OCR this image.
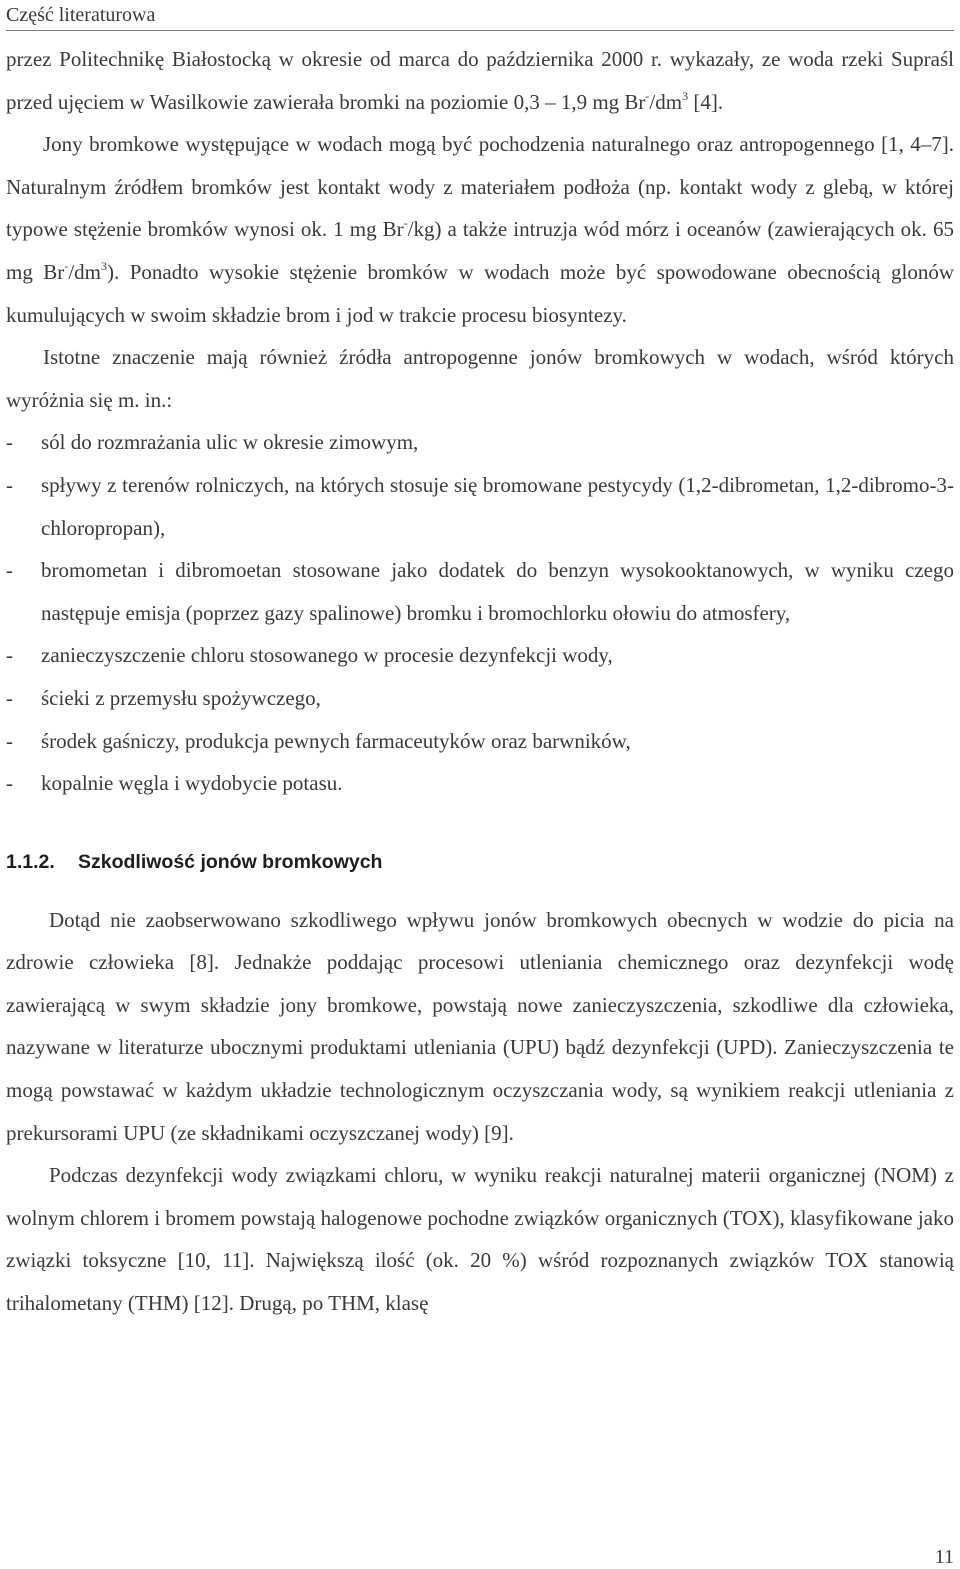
Część literaturowa

przez Politechnikę Białostocką w okresie od marca do października 2000 r. wykazały, ze woda rzeki Supraśl przed ujęciem w Wasilkowie zawierała bromki na poziomie 0,3 – 1,9 mg $Br^-/dm^3$ [4].

Jony bromkowe występujące w wodach mogą być pochodzenia naturalnego oraz antropogennego [1, 4–7]. Naturalnym źródłem bromków jest kontakt wody z materiałem podłoża (np. kontakt wody z glebą, w której typowe stężenie bromków wynosi ok. 1 mg Br-/kg) a także intruzja wód mórz i oceanów (zawierających ok. 65 mg $Br^-/dm^3$). Ponadto wysokie stężenie bromków w wodach może być spowodowane obecnością glonów kumulujących w swoim składzie brom i jod w trakcie procesu biosyntezy.

Istotne znaczenie mają również źródła antropogenne jonów bromkowych w wodach, wśród których wyróżnia się m. in.:

- sól do rozmrażania ulic w okresie zimowym,
- spływy z terenów rolniczych, na których stosuje się bromowane pestycydy (1,2-dibrometan, 1,2-dibromo-3-chloropropan),
- bromometan i dibromoetan stosowane jako dodatek do benzyn wysokooktanowych, w wyniku czego następuje emisja (poprzez gazy spalinowe) bromku i bromochlorku ołowiu do atmosfery,
- zanieczyszczenie chloru stosowanego w procesie dezynfekcji wody,
- ścieki z przemysłu spożywczego,
- środek gaśniczy, produkcja pewnych farmaceutyków oraz barwników,
- kopalnie węgla i wydobycie potasu.
1.1.2. Szkodliwość jonów bromkowych

Dotąd nie zaobserwowano szkodliwego wpływu jonów bromkowych obecnych w wodzie do picia na zdrowie człowieka [8]. Jednakże poddając procesowi utleniania chemicznego oraz dezynfekcji wodę zawierającą w swym składzie jony bromkowe, powstają nowe zanieczyszczenia, szkodliwe dla człowieka, nazywane w literaturze ubocznymi produktami utleniania (UPU) bądź dezynfekcji (UPD). Zanieczyszczenia te mogą powstawać w każdym układzie technologicznym oczyszczania wody, są wynikiem reakcji utleniania z prekursorami UPU (ze składnikami oczyszczanej wody) [9].

Podczas dezynfekcji wody związkami chloru, w wyniku reakcji naturalnej materii organicznej (NOM) z wolnym chlorem i bromem powstają halogenowe pochodne związków organicznych (TOX), klasyfikowane jako związki toksyczne [10, 11]. Największą ilość (ok. 20 %) wśród rozpoznanych związków TOX stanowią trihalometany (THM) [12]. Drugą, po THM, klasę

11
